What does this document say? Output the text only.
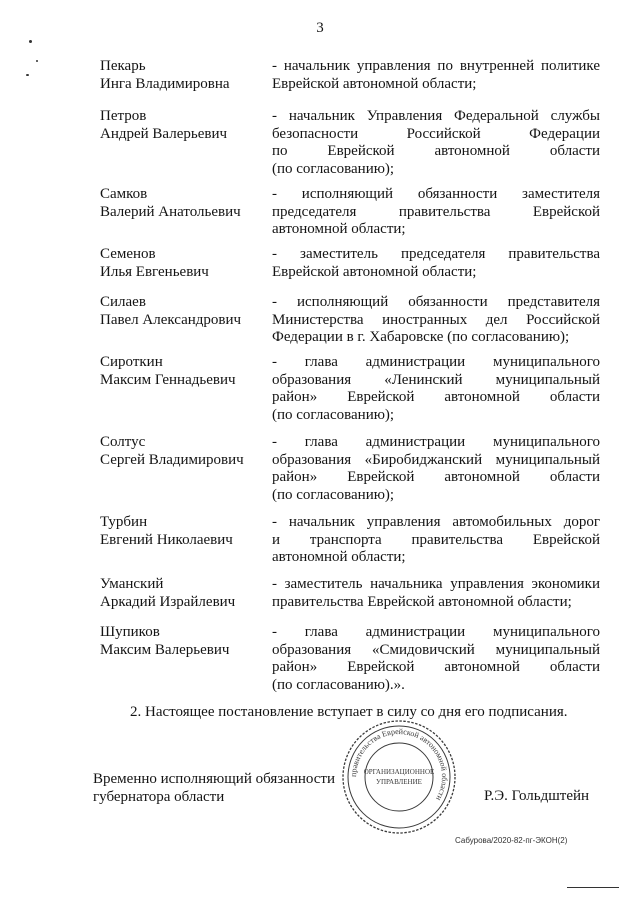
3
Пекарь
Инга Владимировна
- начальник управления по внутренней политике
Еврейской автономной области;
Петров
Андрей Валерьевич
- начальник Управления Федеральной службы
безопасности Российской Федерации
по Еврейской автономной области
(по согласованию);
Самков
Валерий Анатольевич
- исполняющий обязанности заместителя
председателя правительства Еврейской
автономной области;
Семенов
Илья Евгеньевич
- заместитель председателя правительства
Еврейской автономной области;
Силаев
Павел Александрович
- исполняющий обязанности представителя
Министерства иностранных дел Российской
Федерации в г. Хабаровске (по согласованию);
Сироткин
Максим Геннадьевич
- глава администрации муниципального
образования «Ленинский муниципальный
район» Еврейской автономной области
(по согласованию);
Солтус
Сергей Владимирович
- глава администрации муниципального
образования «Биробиджанский муниципальный
район» Еврейской автономной области
(по согласованию);
Турбин
Евгений Николаевич
- начальник управления автомобильных дорог
и транспорта правительства Еврейской
автономной области;
Уманский
Аркадий Израйлевич
- заместитель начальника управления экономики
правительства Еврейской автономной области;
Шупиков
Максим Валерьевич
- глава администрации муниципального
образования «Смидовичский муниципальный
район» Еврейской автономной области
(по согласованию).».
2. Настоящее постановление вступает в силу со дня его подписания.
Временно исполняющий обязанности
губернатора области
правительства Еврейской автономной области
ОРГАНИЗАЦИОННОЕ
УПРАВЛЕНИЕ
Р.Э. Гольдштейн
Сабурова/2020-82-пг-ЭКОН(2)
